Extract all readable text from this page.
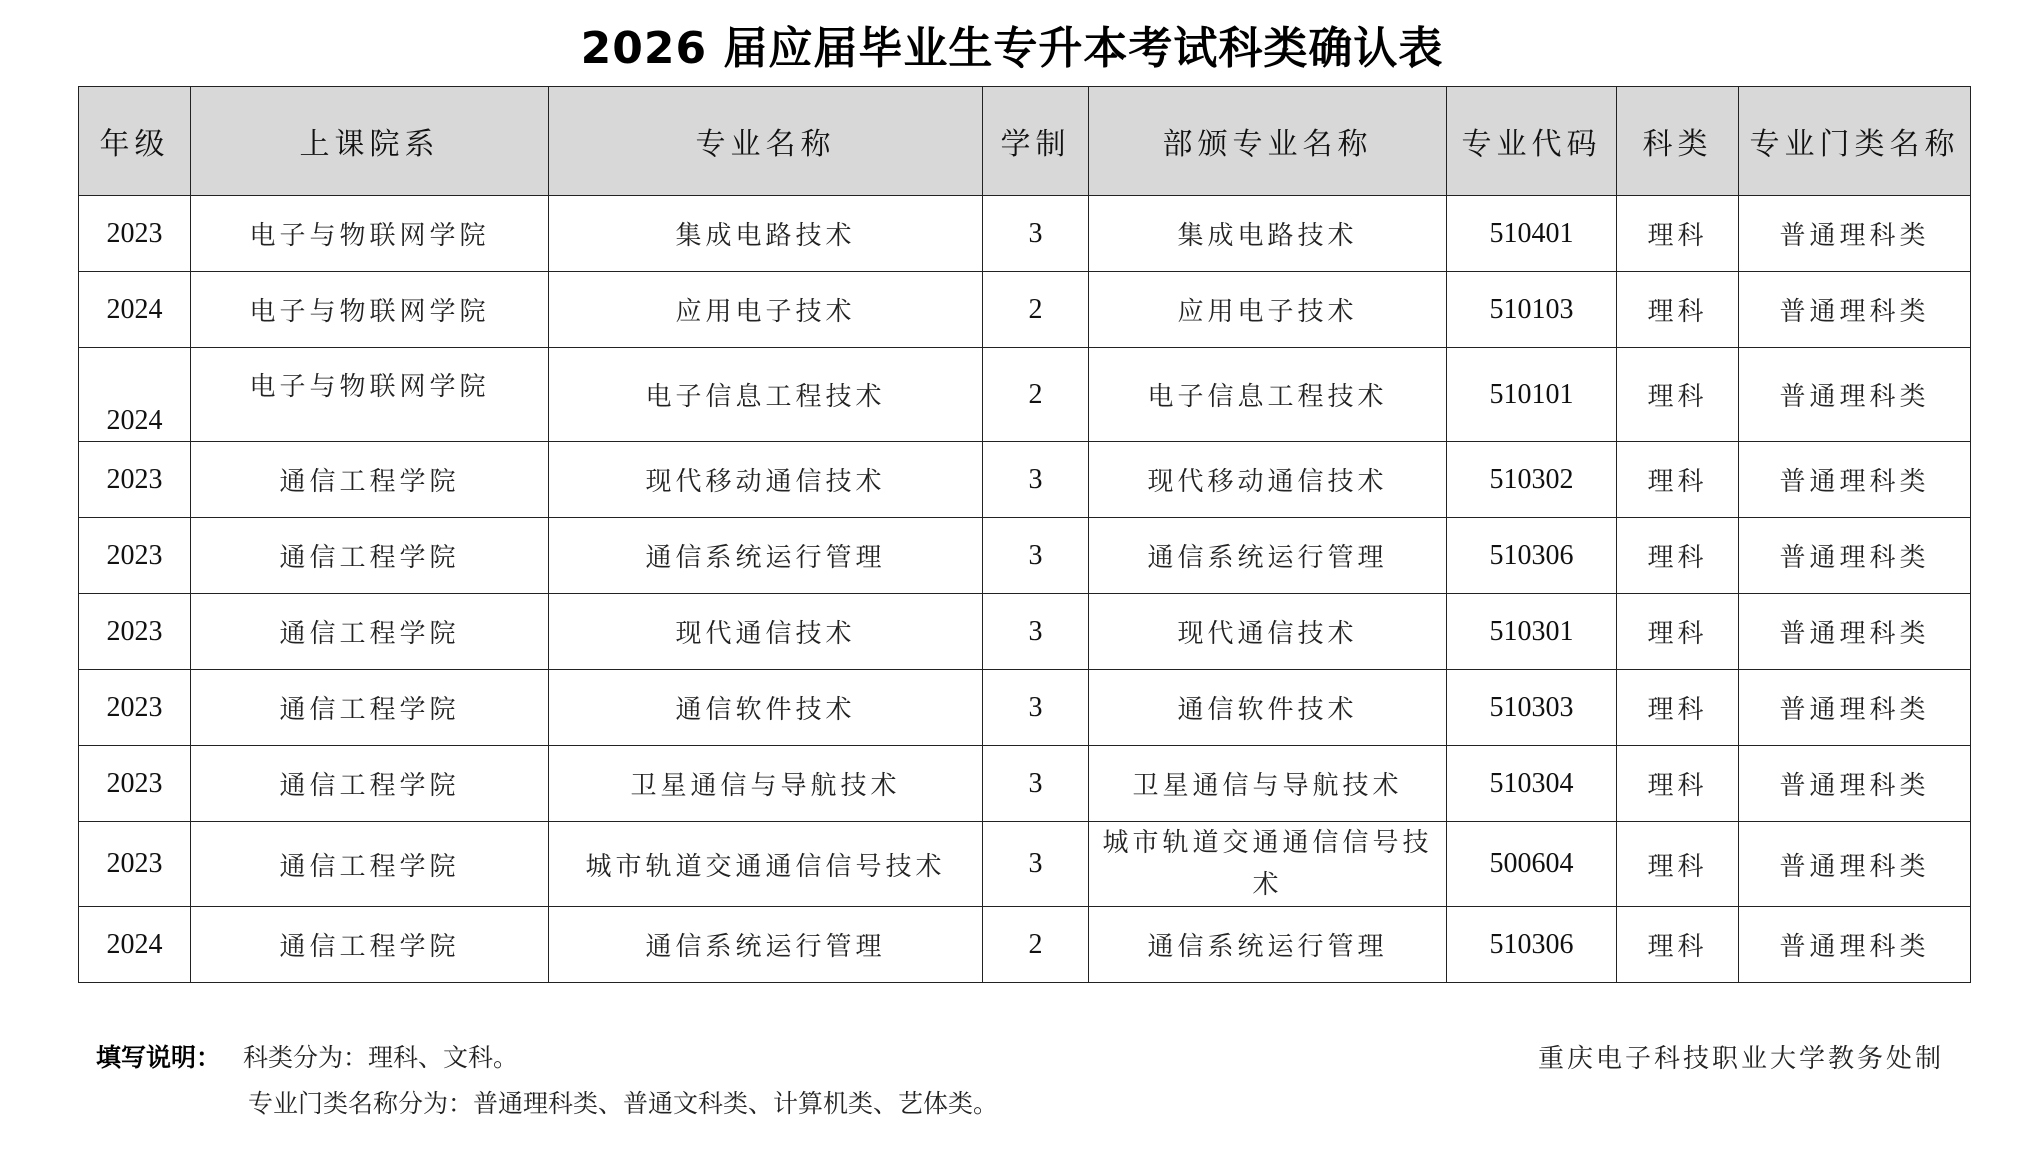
2026 届应届毕业生专升本考试科类确认表
年级	上课院系	专业名称	学制	部颁专业名称	专业代码	科类	专业门类名称
2023	电子与物联网学院	集成电路技术	3	集成电路技术	510401	理科	普通理科类
2024	电子与物联网学院	应用电子技术	2	应用电子技术	510103	理科	普通理科类
2024	电子与物联网学院	电子信息工程技术	2	电子信息工程技术	510101	理科	普通理科类
2023	通信工程学院	现代移动通信技术	3	现代移动通信技术	510302	理科	普通理科类
2023	通信工程学院	通信系统运行管理	3	通信系统运行管理	510306	理科	普通理科类
2023	通信工程学院	现代通信技术	3	现代通信技术	510301	理科	普通理科类
2023	通信工程学院	通信软件技术	3	通信软件技术	510303	理科	普通理科类
2023	通信工程学院	卫星通信与导航技术	3	卫星通信与导航技术	510304	理科	普通理科类
2023	通信工程学院	城市轨道交通通信信号技术	3	城市轨道交通通信信号技术	500604	理科	普通理科类
2024	通信工程学院	通信系统运行管理	2	通信系统运行管理	510306	理科	普通理科类
填写说明： 科类分为：理科、文科。
专业门类名称分为：普通理科类、普通文科类、计算机类、艺体类。
重庆电子科技职业大学教务处制
